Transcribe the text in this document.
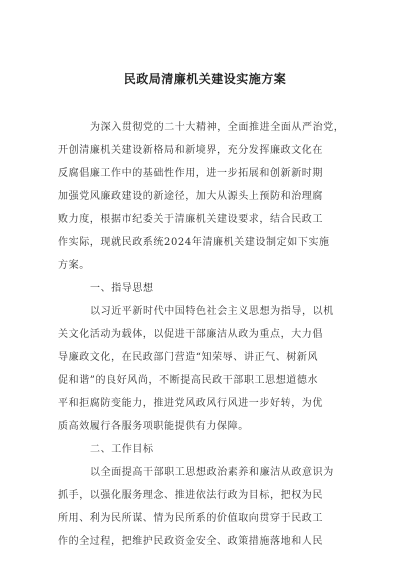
民政局清廉机关建设实施方案
为深入贯彻党的二十大精神，全面推进全面从严治党，
开创清廉机关建设新格局和新境界，充分发挥廉政文化在
反腐倡廉工作中的基础性作用，进一步拓展和创新新时期
加强党风廉政建设的新途径，加大从源头上预防和治理腐
败力度，根据市纪委关于清廉机关建设要求，结合民政工
作实际，现就民政系统2024年清廉机关建设制定如下实施
方案。
一、指导思想
以习近平新时代中国特色社会主义思想为指导，以机
关文化活动为载体，以促进干部廉洁从政为重点，大力倡
导廉政文化，在民政部门营造“知荣辱、讲正气、树新风
促和谐”的良好风尚，不断提高民政干部职工思想道德水
平和拒腐防变能力，推进党风政风行风进一步好转，为优
质高效履行各服务项职能提供有力保障。
二、工作目标
以全面提高干部职工思想政治素养和廉洁从政意识为
抓手，以强化服务理念、推进依法行政为目标，把权为民
所用、利为民所谋、情为民所系的价值取向贯穿于民政工
作的全过程，把维护民政资金安全、政策措施落地和人民
